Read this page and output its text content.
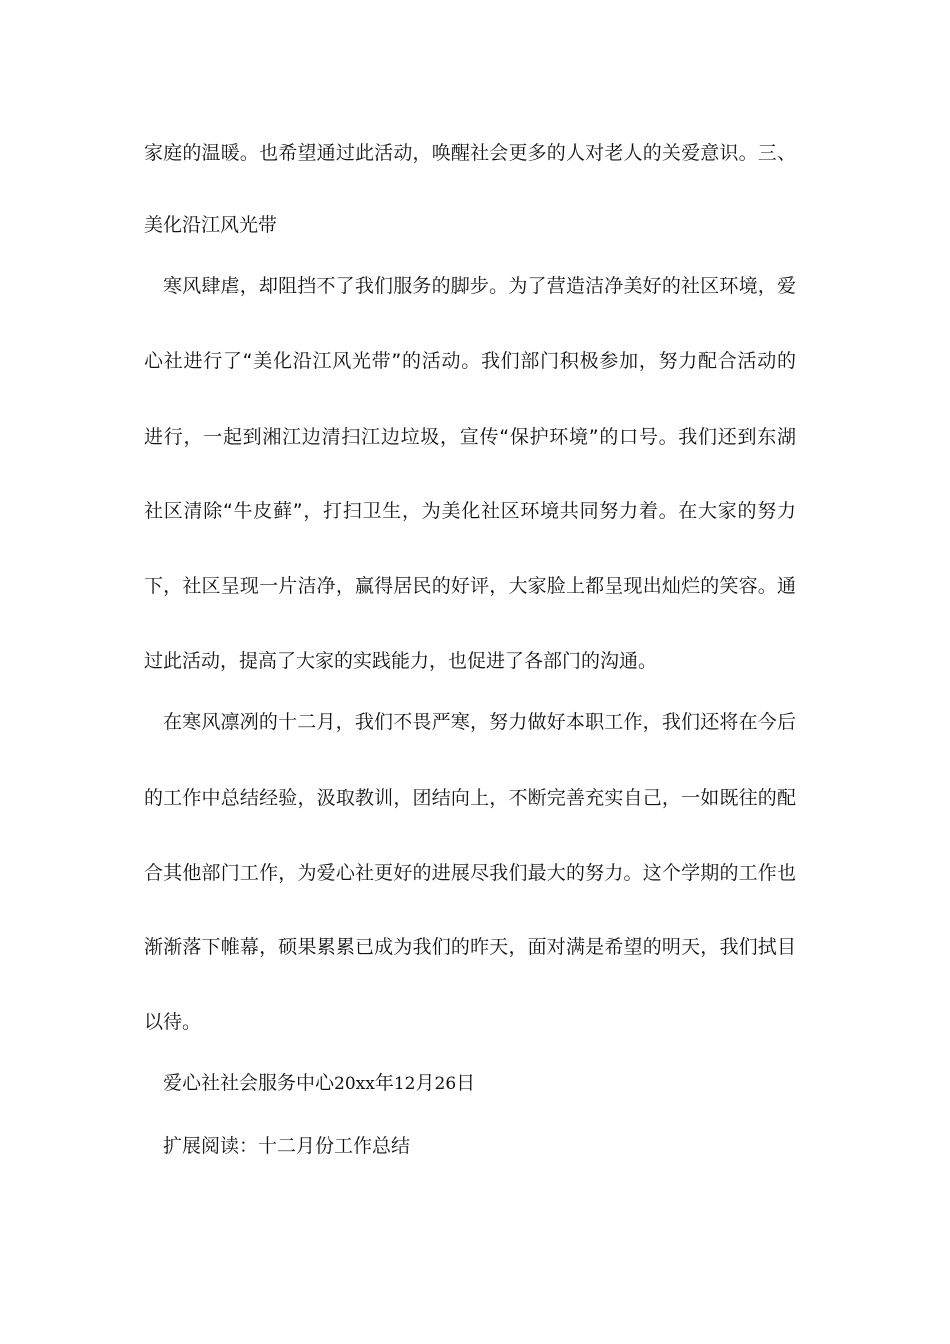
家庭的温暖。也希望通过此活动，唤醒社会更多的人对老人的关爱意识。三、
美化沿江风光带
寒风肆虐，却阻挡不了我们服务的脚步。为了营造洁净美好的社区环境，爱
心社进行了“美化沿江风光带”的活动。我们部门积极参加，努力配合活动的
进行，一起到湘江边清扫江边垃圾，宣传“保护环境”的口号。我们还到东湖
社区清除“牛皮藓”，打扫卫生，为美化社区环境共同努力着。在大家的努力
下，社区呈现一片洁净，赢得居民的好评，大家脸上都呈现出灿烂的笑容。通
过此活动，提高了大家的实践能力，也促进了各部门的沟通。
在寒风凛冽的十二月，我们不畏严寒，努力做好本职工作，我们还将在今后
的工作中总结经验，汲取教训，团结向上，不断完善充实自己，一如既往的配
合其他部门工作，为爱心社更好的进展尽我们最大的努力。这个学期的工作也
渐渐落下帷幕，硕果累累已成为我们的昨天，面对满是希望的明天，我们拭目
以待。
爱心社社会服务中心20xx年12月26日
扩展阅读：十二月份工作总结
